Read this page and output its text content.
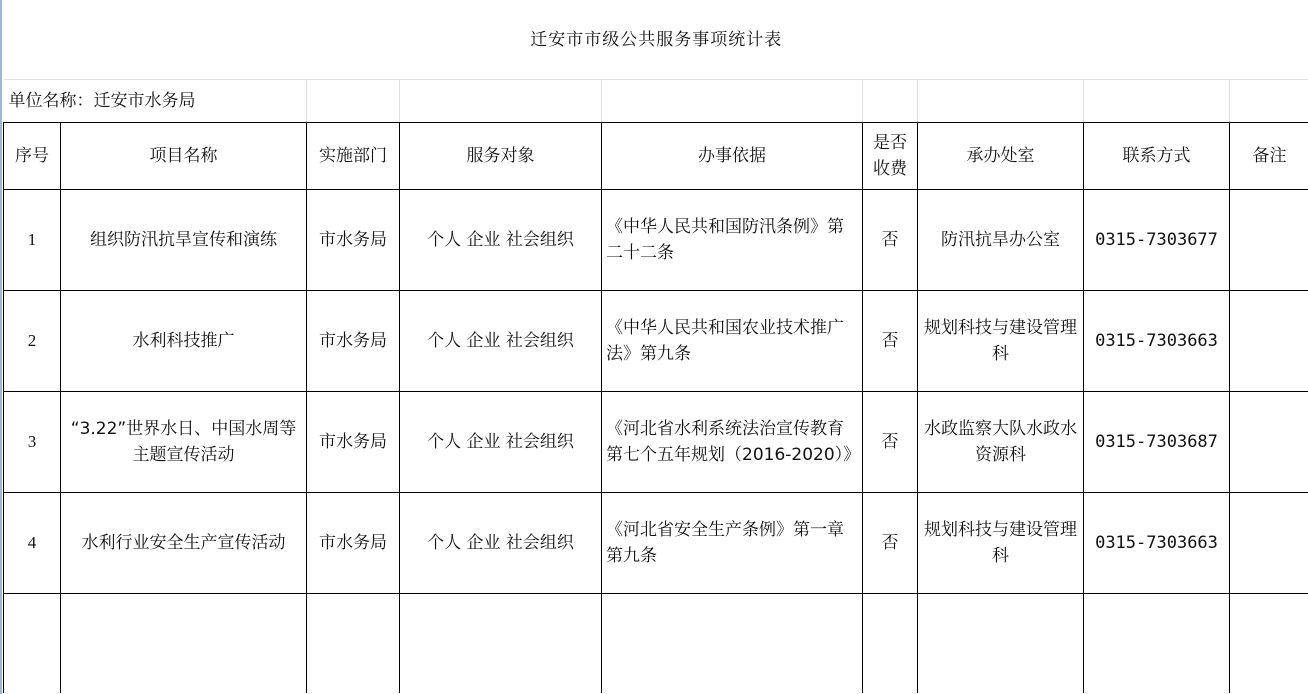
迁安市市级公共服务事项统计表								
单位名称：迁安市水务局								
序号	项目名称	实施部门	服务对象	办事依据	是否收费	承办处室	联系方式	备注
1	组织防汛抗旱宣传和演练	市水务局	个人 企业 社会组织	《中华人民共和国防汛条例》第二十二条	否	防汛抗旱办公室	0315-7303677	
2	水利科技推广	市水务局	个人 企业 社会组织	《中华人民共和国农业技术推广法》第九条	否	规划科技与建设管理科	0315-7303663	
3	“3.22”世界水日、中国水周等主题宣传活动	市水务局	个人 企业 社会组织	《河北省水利系统法治宣传教育第七个五年规划（2016-2020）》	否	水政监察大队水政水资源科	0315-7303687	
4	水利行业安全生产宣传活动	市水务局	个人 企业 社会组织	《河北省安全生产条例》第一章第九条	否	规划科技与建设管理科	0315-7303663	
